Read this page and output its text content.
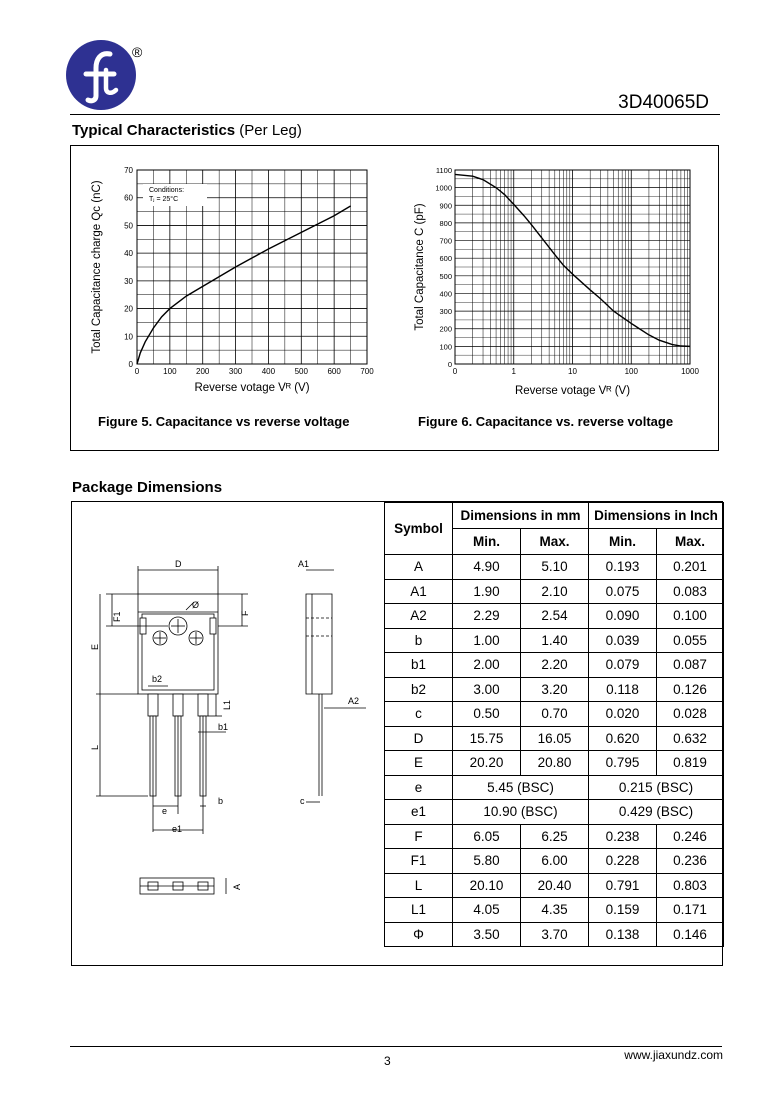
®
3D40065D
Typical Characteristics (Per Leg)
0	100 200 300 400 500 600 700
0
10
20
30
40
50
60
70
Conditions:
Tⱼ = 25°C
Reverse votage Vᴿ (V)
Total Capacitance charge Qᴄ (nC)
Figure 5. Capacitance vs reverse voltage
0	1	10	100	1000
0
100
200
300
400
500
600
700
800
900
1000
1100
Reverse votage Vᴿ (V)
Total Capacitance C (pF)
Figure 6. Capacitance vs. reverse voltage
Package Dimensions
D	A1
F1
Ø
F
E
b2
L1
b1
A2
L
e
b	c
e1
A
Symbol	Dimensions in mm		Dimensions in Inch	
	Min.	Max.	Min.	Max.
A	4.90	5.10	0.193	0.201
A1	1.90	2.10	0.075	0.083
A2	2.29	2.54	0.090	0.100
b	1.00	1.40	0.039	0.055
b1	2.00	2.20	0.079	0.087
b2	3.00	3.20	0.118	0.126
c	0.50	0.70	0.020	0.028
D	15.75	16.05	0.620	0.632
E	20.20	20.80	0.795	0.819
e	5.45 (BSC)		0.215 (BSC)	
e1	10.90 (BSC)		0.429 (BSC)	
F	6.05	6.25	0.238	0.246
F1	5.80	6.00	0.228	0.236
L	20.10	20.40	0.791	0.803
L1	4.05	4.35	0.159	0.171
Φ	3.50	3.70	0.138	0.146
3	www.jiaxundz.com
